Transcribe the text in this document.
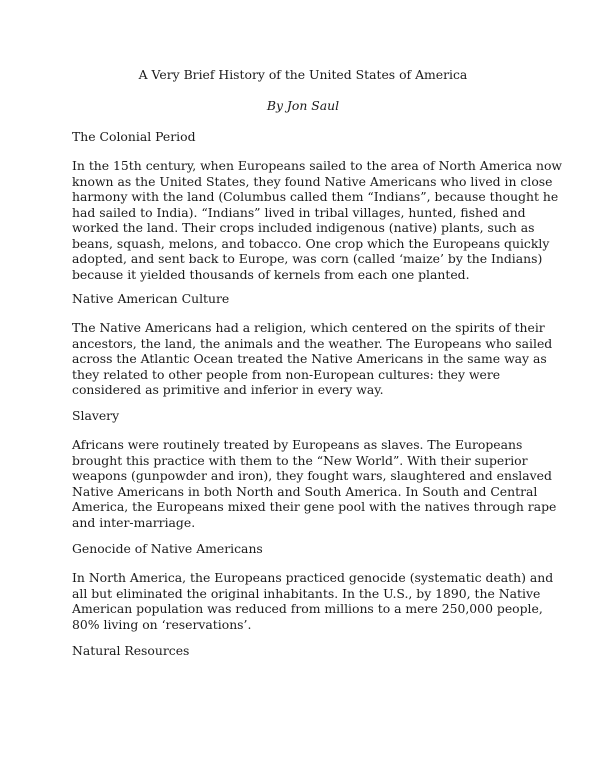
A Very Brief History of the United States of America
By Jon Saul
The Colonial Period
In the 15th century, when Europeans sailed to the area of North America now
known as the United States, they found Native Americans who lived in close
harmony with the land (Columbus called them “Indians”, because thought he
had sailed to India). “Indians” lived in tribal villages, hunted, fished and
worked the land. Their crops included indigenous (native) plants, such as
beans, squash, melons, and tobacco. One crop which the Europeans quickly
adopted, and sent back to Europe, was corn (called ‘maize’ by the Indians)
because it yielded thousands of kernels from each one planted.
Native American Culture
The Native Americans had a religion, which centered on the spirits of their
ancestors, the land, the animals and the weather. The Europeans who sailed
across the Atlantic Ocean treated the Native Americans in the same way as
they related to other people from non-European cultures: they were
considered as primitive and inferior in every way.
Slavery
Africans were routinely treated by Europeans as slaves. The Europeans
brought this practice with them to the “New World”. With their superior
weapons (gunpowder and iron), they fought wars, slaughtered and enslaved
Native Americans in both North and South America. In South and Central
America, the Europeans mixed their gene pool with the natives through rape
and inter-marriage.
Genocide of Native Americans
In North America, the Europeans practiced genocide (systematic death) and
all but eliminated the original inhabitants. In the U.S., by 1890, the Native
American population was reduced from millions to a mere 250,000 people,
80% living on ‘reservations’.
Natural Resources
